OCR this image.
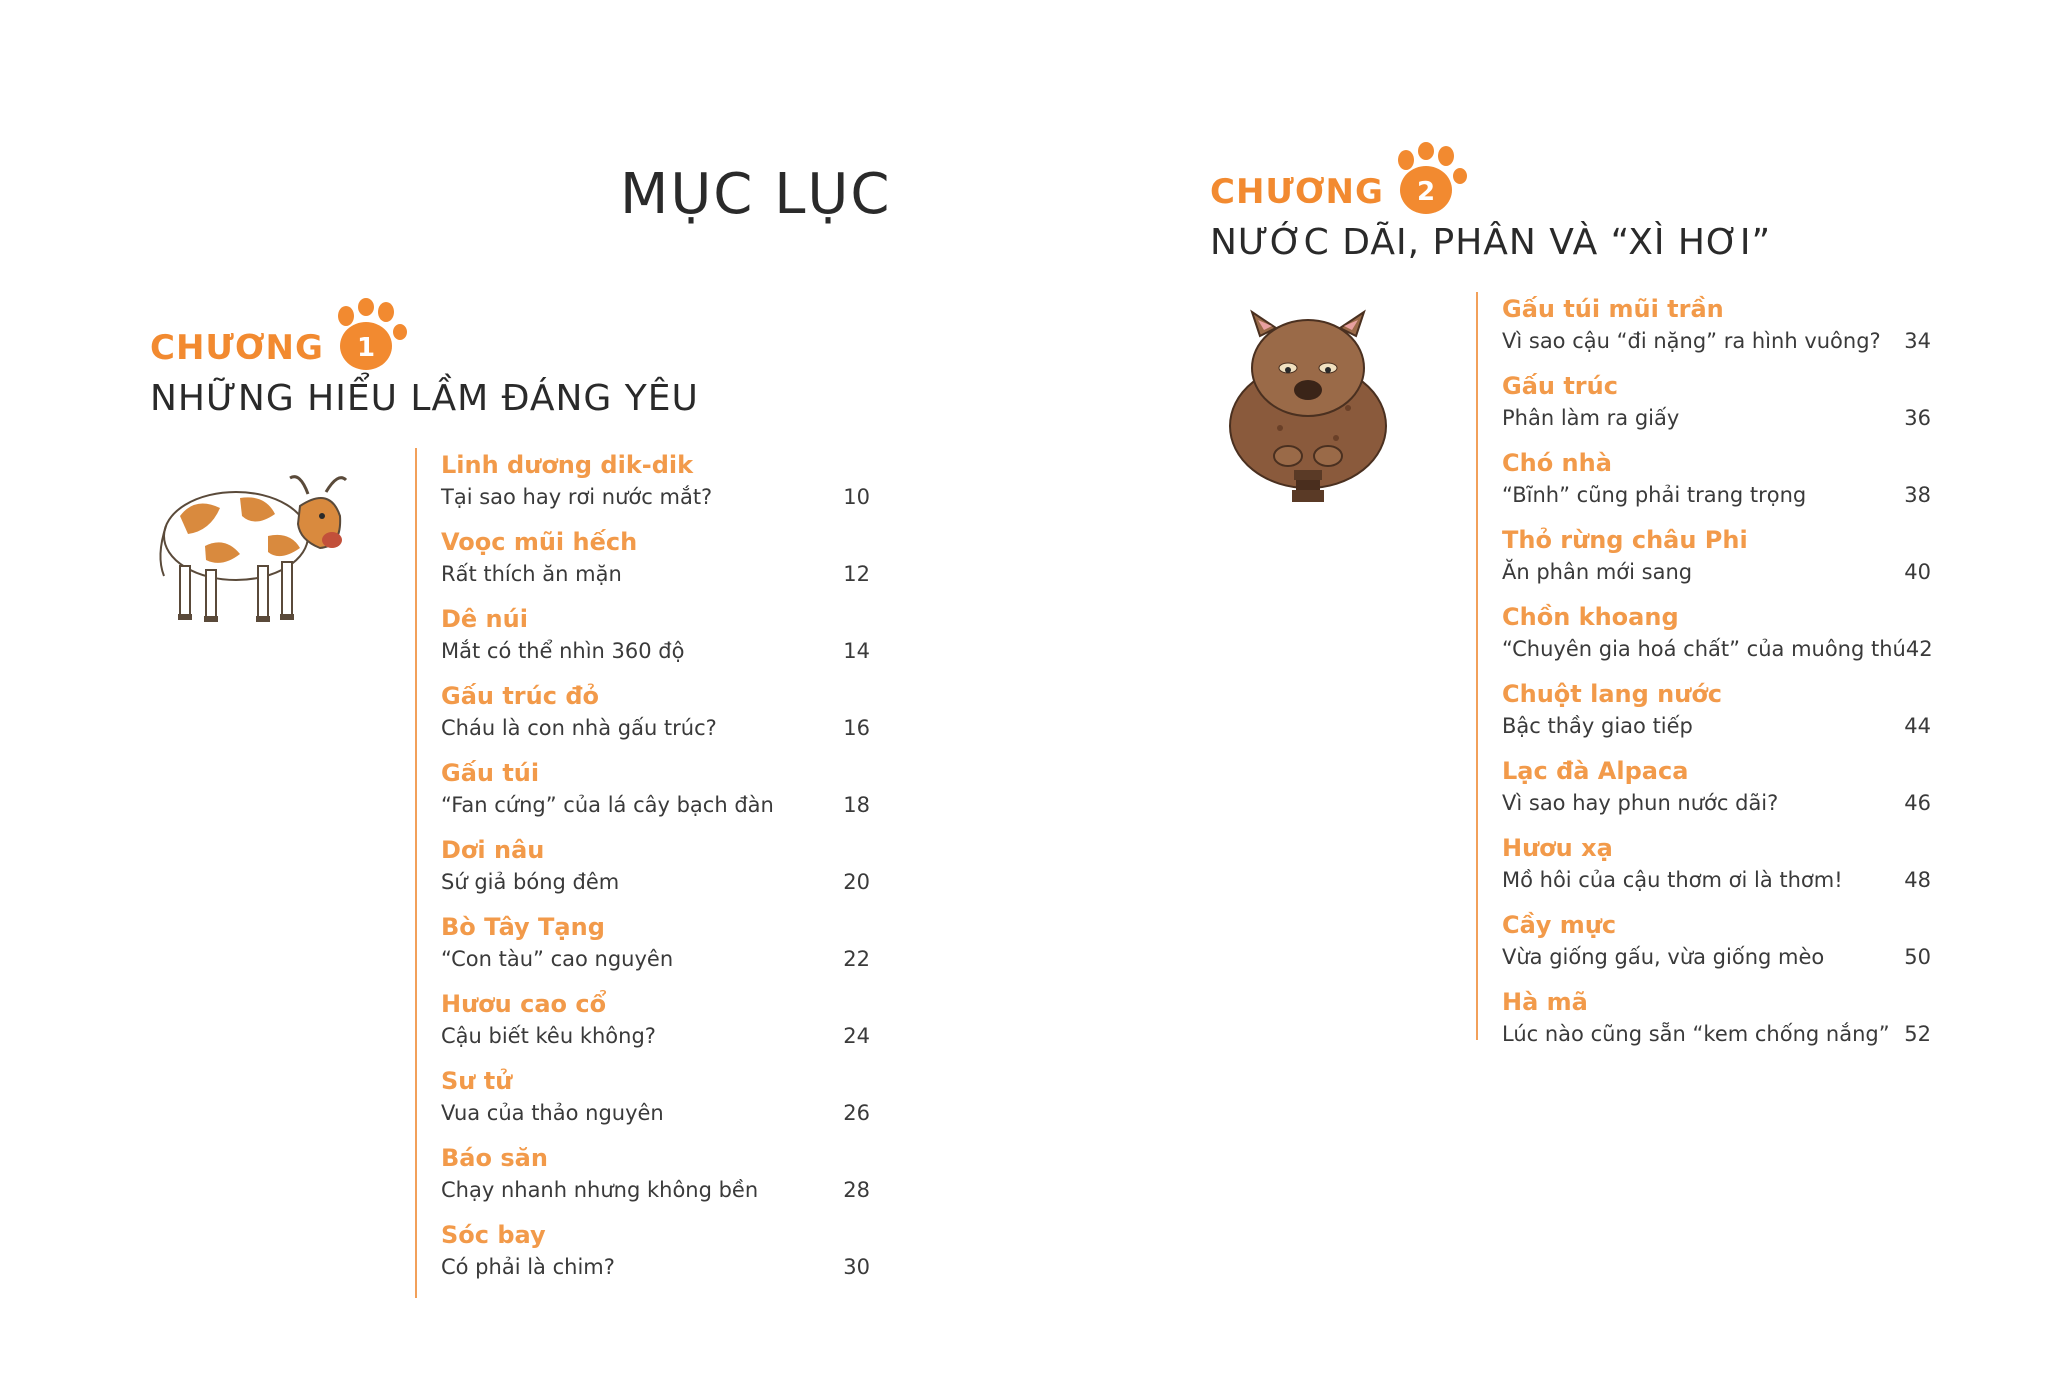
MỤC LỤC
CHƯƠNG 1
NHỮNG HIỂU LẦM ĐÁNG YÊU
Linh dương dik-dik
Tại sao hay rơi nước mắt?	10
Voọc mũi hếch
Rất thích ăn mặn	12
Dê núi
Mắt có thể nhìn 360 độ	14
Gấu trúc đỏ
Cháu là con nhà gấu trúc?	16
Gấu túi
“Fan cứng” của lá cây bạch đàn	18
Dơi nâu
Sứ giả bóng đêm	20
Bò Tây Tạng
“Con tàu” cao nguyên	22
Hươu cao cổ
Cậu biết kêu không?	24
Sư tử
Vua của thảo nguyên	26
Báo săn
Chạy nhanh nhưng không bền	28
Sóc bay
Có phải là chim?	30
CHƯƠNG 2
NƯỚC DÃI, PHÂN VÀ “XÌ HƠI”
Gấu túi mũi trần
Vì sao cậu “đi nặng” ra hình vuông? 34
Gấu trúc
Phân làm ra giấy	36
Chó nhà
“Bĩnh” cũng phải trang trọng	38
Thỏ rừng châu Phi
Ăn phân mới sang	40
Chồn khoang
“Chuyên gia hoá chất” của muông thú 42
Chuột lang nước
Bậc thầy giao tiếp	44
Lạc đà Alpaca
Vì sao hay phun nước dãi?	46
Hươu xạ
Mồ hôi của cậu thơm ơi là thơm!	48
Cầy mực
Vừa giống gấu, vừa giống mèo	50
Hà mã
Lúc nào cũng sẵn “kem chống nắng” 52
